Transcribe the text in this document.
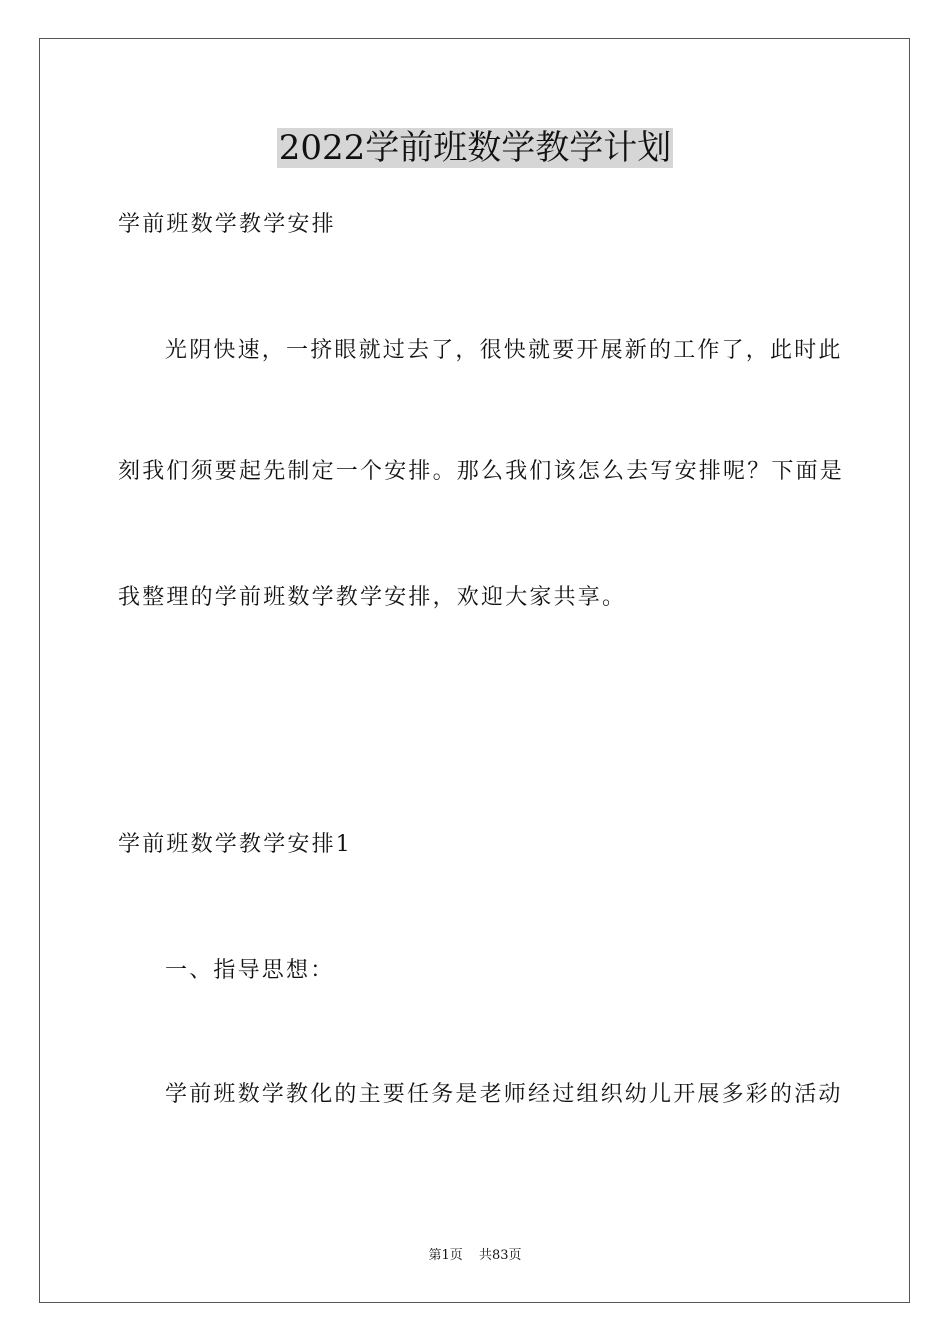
2022学前班数学教学计划
学前班数学教学安排
光阴快速，一挤眼就过去了，很快就要开展新的工作了，此时此
刻我们须要起先制定一个安排。那么我们该怎么去写安排呢？下面是
我整理的学前班数学教学安排，欢迎大家共享。
学前班数学教学安排1
一、指导思想：
学前班数学教化的主要任务是老师经过组织幼儿开展多彩的活动
第1页 共83页
